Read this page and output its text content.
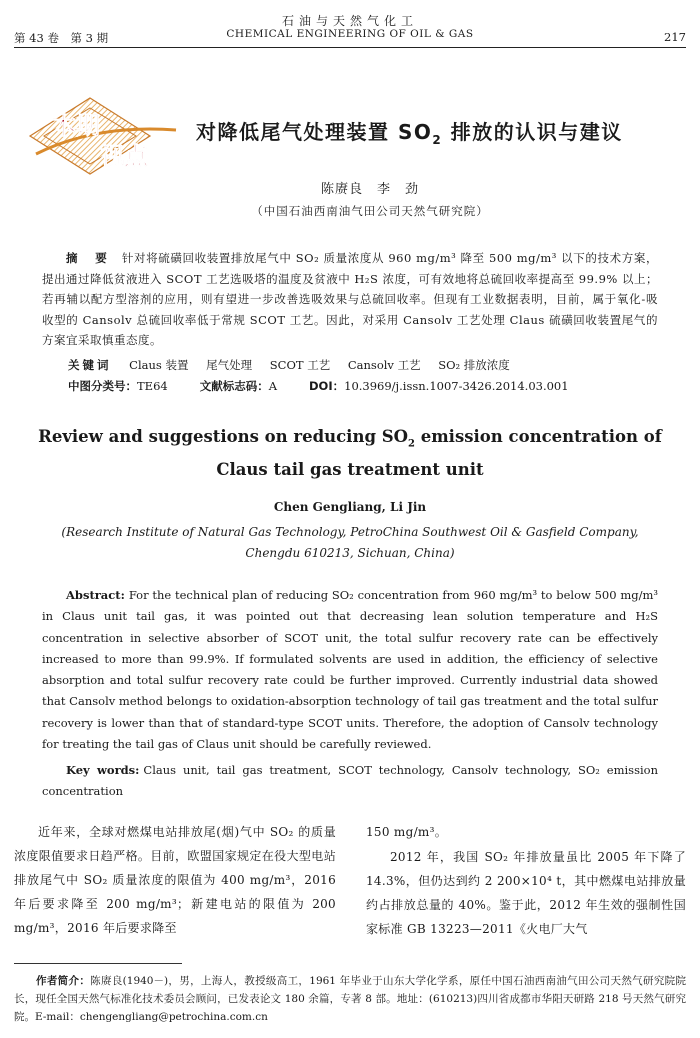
石油与天然气化工
CHEMICAL ENGINEERING OF OIL & GAS
第 43 卷　第 3 期	217
本期
视点
对降低尾气处理装置 $SO_2$ 排放的认识与建议
陈赓良　李　劲
（中国石油西南油气田公司天然气研究院）
摘　要 针对将硫磺回收装置排放尾气中 SO₂ 质量浓度从 960 mg/m³ 降至 500 mg/m³ 以下的技术方案，提出通过降低贫液进入 SCOT 工艺选吸塔的温度及贫液中 H₂S 浓度，可有效地将总硫回收率提高至 99.9% 以上；若再辅以配方型溶剂的应用，则有望进一步改善选吸效果与总硫回收率。但现有工业数据表明，目前，属于氧化-吸收型的 Cansolv 总硫回收率低于常规 SCOT 工艺。因此，对采用 Cansolv 工艺处理 Claus 硫磺回收装置尾气的方案宜采取慎重态度。
关键词 Claus 装置 尾气处理 SCOT 工艺 Cansolv 工艺 SO₂ 排放浓度
中图分类号：TE64	文献标志码：A	DOI：10.3969/j.issn.1007-3426.2014.03.001
Review and suggestions on reducing $SO_2$ emission concentration of
Claus tail gas treatment unit
Chen Gengliang, Li Jin
(Research Institute of Natural Gas Technology, PetroChina Southwest Oil & Gasfield Company,
Chengdu 610213, Sichuan, China)
Abstract: For the technical plan of reducing SO₂ concentration from 960 mg/m³ to below 500 mg/m³ in Claus unit tail gas, it was pointed out that decreasing lean solution temperature and H₂S concentration in selective absorber of SCOT unit, the total sulfur recovery rate can be effectively increased to more than 99.9%. If formulated solvents are used in addition, the efficiency of selective absorption and total sulfur recovery rate could be further improved. Currently industrial data showed that Cansolv method belongs to oxidation-absorption technology of tail gas treatment and the total sulfur recovery is lower than that of standard-type SCOT units. Therefore, the adoption of Cansolv technology for treating the tail gas of Claus unit should be carefully reviewed.
Key words: Claus unit, tail gas treatment, SCOT technology, Cansolv technology, SO₂ emission concentration
近年来，全球对燃煤电站排放尾(烟)气中 SO₂ 的质量浓度限值要求日趋严格。目前，欧盟国家规定在役大型电站排放尾气中 SO₂ 质量浓度的限值为 400 mg/m³，2016 年后要求降至 200 mg/m³；新建电站的限值为 200 mg/m³，2016 年后要求降至
150 mg/m³。
2012 年，我国 SO₂ 年排放量虽比 2005 年下降了 14.3%，但仍达到约 2 200×10⁴ t，其中燃煤电站排放量约占排放总量的 40%。鉴于此，2012 年生效的强制性国家标准 GB 13223—2011《火电厂大气
作者简介：陈赓良(1940－)，男，上海人，教授级高工，1961 年毕业于山东大学化学系，原任中国石油西南油气田公司天然气研究院院长，现任全国天然气标准化技术委员会顾问，已发表论文 180 余篇，专著 8 部。地址：(610213)四川省成都市华阳天研路 218 号天然气研究院。E-mail：chengengliang@petrochina.com.cn
